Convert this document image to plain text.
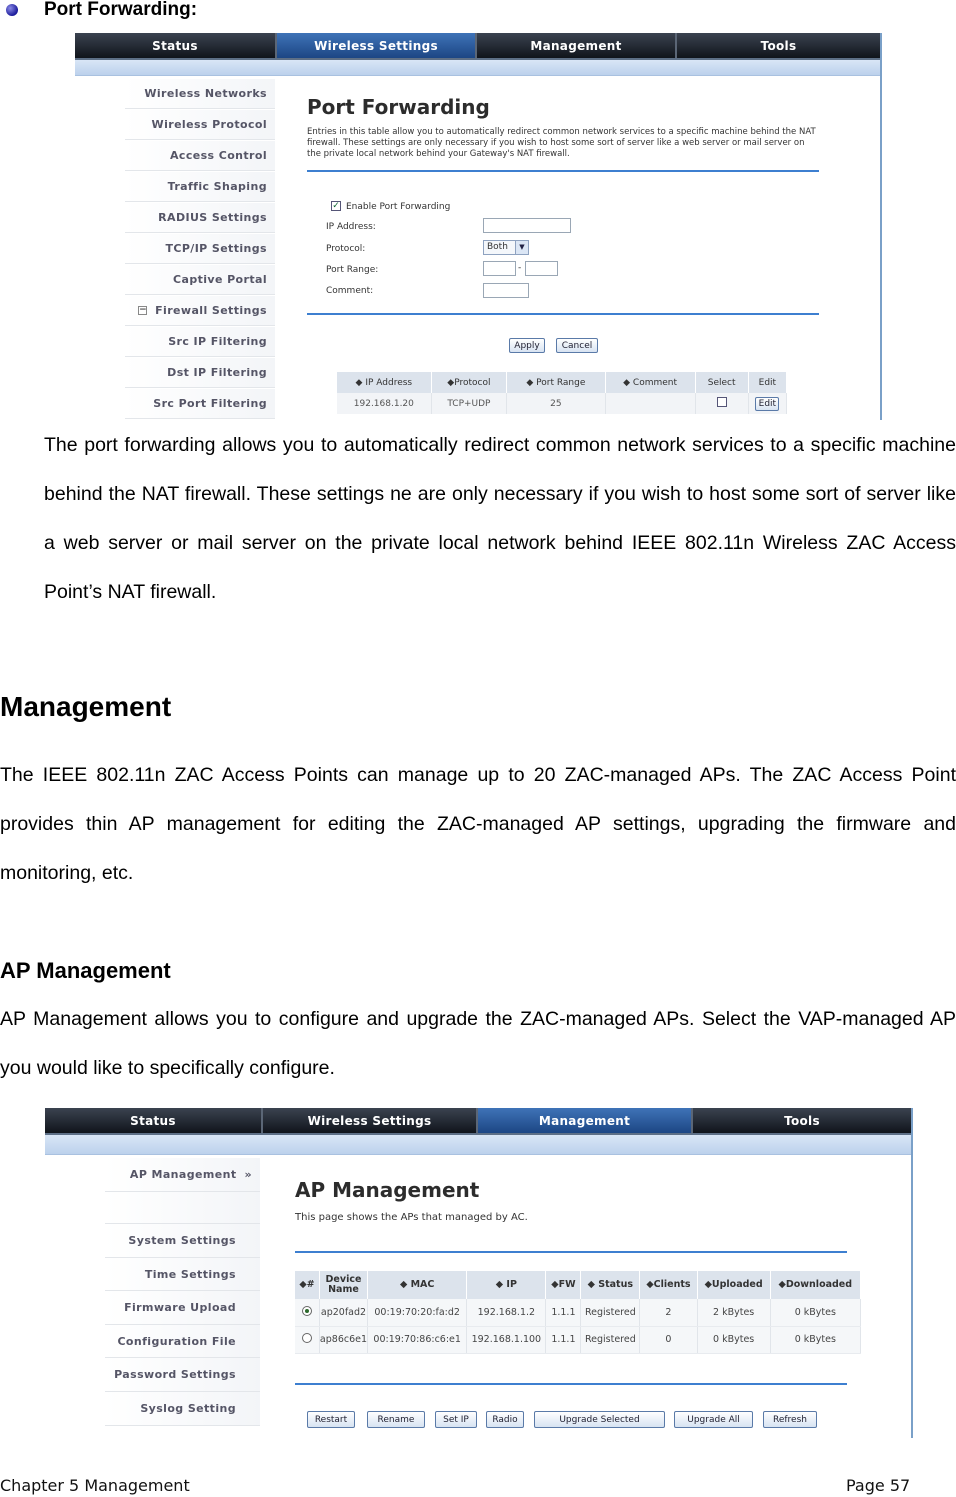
Port Forwarding:
Status	Wireless Settings	Management	Tools
Wireless Networks
Wireless Protocol
Access Control
Traffic Shaping
RADIUS Settings
TCP/IP Settings
Captive Portal
− Firewall Settings
Src IP Filtering
Dst IP Filtering
Src Port Filtering
Port Forwarding
Entries in this table allow you to automatically redirect common network services to a specific machine behind the NAT firewall. These settings are only necessary if you wish to host some sort of server like a web server or mail server on the private local network behind your Gateway's NAT firewall.
✓ Enable Port Forwarding
IP Address:
Protocol:	Both	▼
Port Range:	-
Comment:
Apply	Cancel
◆ IP Address	◆Protocol	◆ Port Range	◆ Comment	Select	Edit
192.168.1.20	TCP+UDP	25			Edit
The port forwarding allows you to automatically redirect common network services to a specific machine behind the NAT firewall. These settings ne are only necessary if you wish to host some sort of server like a web server or mail server on the private local network behind IEEE 802.11n Wireless ZAC Access Point’s NAT firewall.
Management
The IEEE 802.11n ZAC Access Points can manage up to 20 ZAC-managed APs. The ZAC Access Point provides thin AP management for editing the ZAC-managed AP settings, upgrading the firmware and monitoring, etc.
AP Management
AP Management allows you to configure and upgrade the ZAC-managed APs. Select the VAP-managed AP you would like to specifically configure.
Status	Wireless Settings	Management	Tools
AP Management »
System Settings
Time Settings
Firmware Upload
Configuration File
Password Settings
Syslog Setting
AP Management
This page shows the APs that managed by AC.
◆#	Device Name	◆ MAC	◆ IP	◆FW	◆ Status	◆Clients	◆Uploaded	◆Downloaded
	ap20fad2	00:19:70:20:fa:d2	192.168.1.2	1.1.1	Registered	2	2 kBytes	0 kBytes
	ap86c6e1	00:19:70:86:c6:e1	192.168.1.100	1.1.1	Registered	0	0 kBytes	0 kBytes
Restart	Rename	Set IP	Radio	Upgrade Selected	Upgrade All	Refresh
Chapter 5 Management	Page 57
